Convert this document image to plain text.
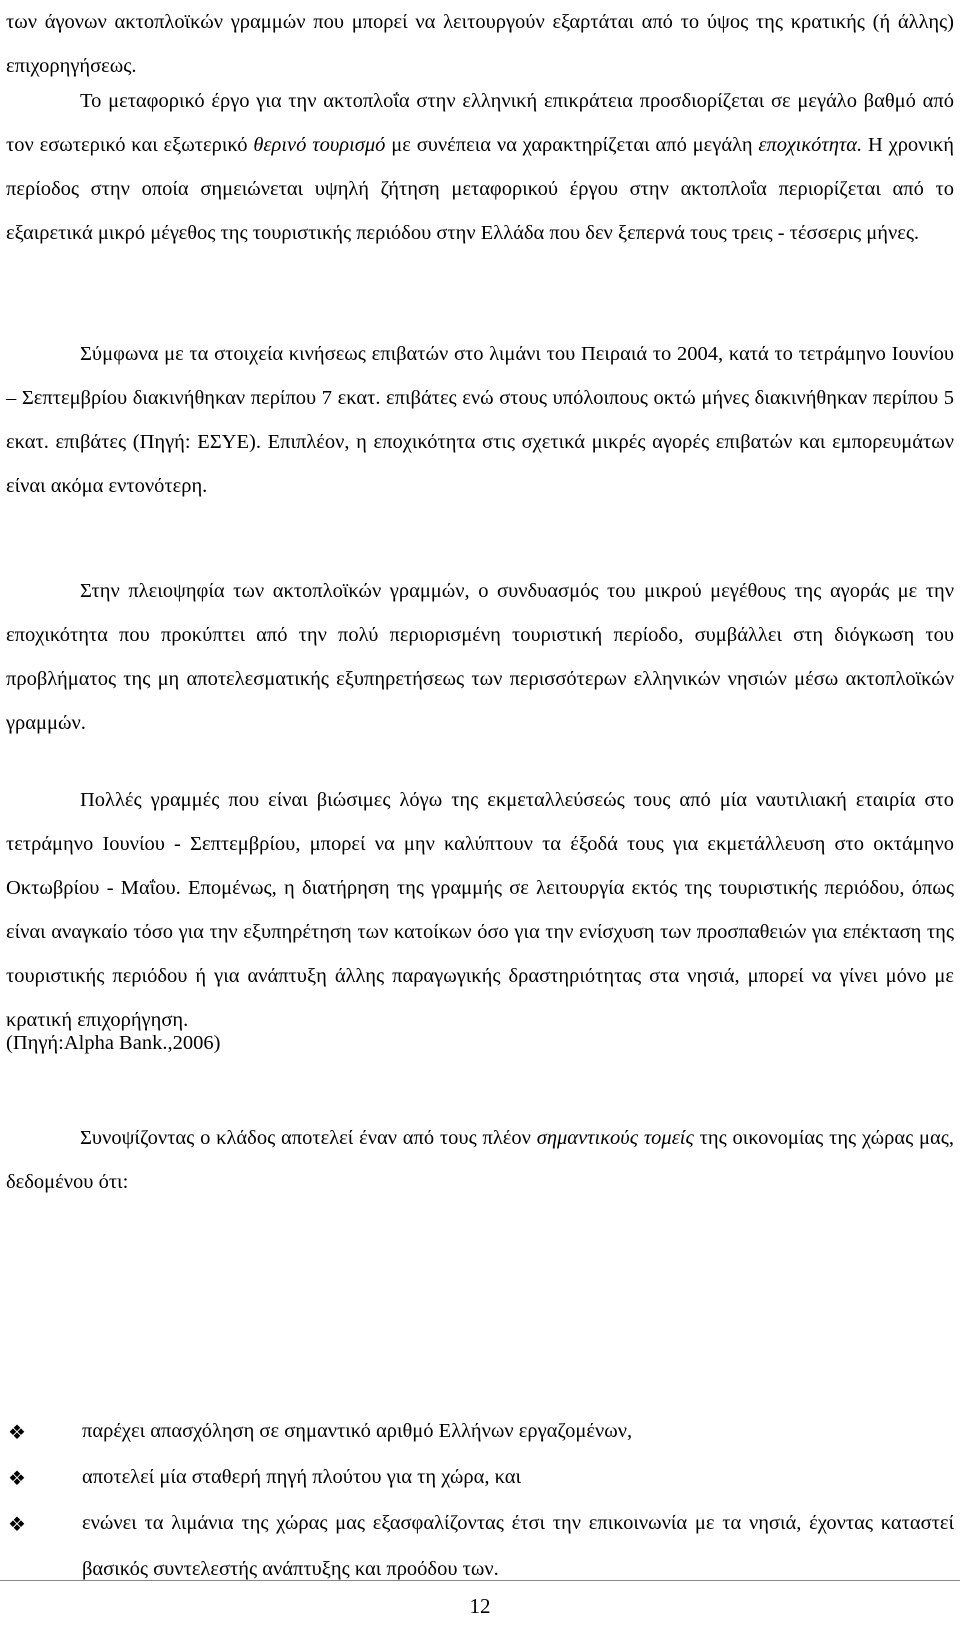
των άγονων ακτοπλοϊκών γραμμών που μπορεί να λειτουργούν εξαρτάται από το ύψος της κρατικής (ή άλλης) επιχορηγήσεως.

Το μεταφορικό έργο για την ακτοπλοΐα στην ελληνική επικράτεια προσδιορίζεται σε μεγάλο βαθμό από τον εσωτερικό και εξωτερικό θερινό τουρισμό με συνέπεια να χαρακτηρίζεται από μεγάλη εποχικότητα. Η χρονική περίοδος στην οποία σημειώνεται υψηλή ζήτηση μεταφορικού έργου στην ακτοπλοΐα περιορίζεται από το εξαιρετικά μικρό μέγεθος της τουριστικής περιόδου στην Ελλάδα που δεν ξεπερνά τους τρεις - τέσσερις μήνες.

Σύμφωνα με τα στοιχεία κινήσεως επιβατών στο λιμάνι του Πειραιά το 2004, κατά το τετράμηνο Ιουνίου – Σεπτεμβρίου διακινήθηκαν περίπου 7 εκατ. επιβάτες ενώ στους υπόλοιπους οκτώ μήνες διακινήθηκαν περίπου 5 εκατ. επιβάτες (Πηγή: ΕΣΥΕ). Επιπλέον, η εποχικότητα στις σχετικά μικρές αγορές επιβατών και εμπορευμάτων είναι ακόμα εντονότερη.

Στην πλειοψηφία των ακτοπλοϊκών γραμμών, ο συνδυασμός του μικρού μεγέθους της αγοράς με την εποχικότητα που προκύπτει από την πολύ περιορισμένη τουριστική περίοδο, συμβάλλει στη διόγκωση του προβλήματος της μη αποτελεσματικής εξυπηρετήσεως των περισσότερων ελληνικών νησιών μέσω ακτοπλοϊκών γραμμών.

Πολλές γραμμές που είναι βιώσιμες λόγω της εκμεταλλεύσεώς τους από μία ναυτιλιακή εταιρία στο τετράμηνο Ιουνίου - Σεπτεμβρίου, μπορεί να μην καλύπτουν τα έξοδά τους για εκμετάλλευση στο οκτάμηνο Οκτωβρίου - Μαΐου. Επομένως, η διατήρηση της γραμμής σε λειτουργία εκτός της τουριστικής περιόδου, όπως είναι αναγκαίο τόσο για την εξυπηρέτηση των κατοίκων όσο για την ενίσχυση των προσπαθειών για επέκταση της τουριστικής περιόδου ή για ανάπτυξη άλλης παραγωγικής δραστηριότητας στα νησιά, μπορεί να γίνει μόνο με κρατική επιχορήγηση.

(Πηγή:Alpha Bank.,2006)

Συνοψίζοντας ο κλάδος αποτελεί έναν από τους πλέον σημαντικούς τομείς της οικονομίας της χώρας μας, δεδομένου ότι:

❖	παρέχει απασχόληση σε σημαντικό αριθμό Ελλήνων εργαζομένων,
❖	αποτελεί μία σταθερή πηγή πλούτου για τη χώρα, και
❖	ενώνει τα λιμάνια της χώρας μας εξασφαλίζοντας έτσι την επικοινωνία με τα νησιά, έχοντας καταστεί βασικός συντελεστής ανάπτυξης και προόδου των.
12
